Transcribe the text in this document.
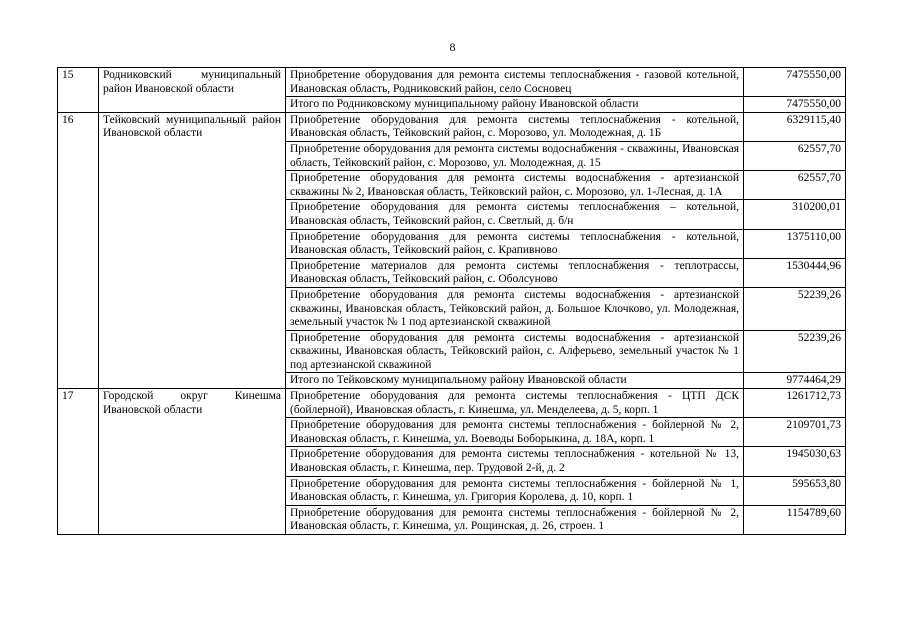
8
15	Родниковский муниципальный район Ивановской области	Приобретение оборудования для ремонта системы теплоснабжения - газовой котельной, Ивановская область, Родниковский район, село Сосновец	7475550,00
		Итого по Родниковскому муниципальному району Ивановской области	7475550,00
16	Тейковский муниципальный район Ивановской области	Приобретение оборудования для ремонта системы теплоснабжения - котельной, Ивановская область, Тейковский район, с. Морозово, ул. Молодежная, д. 1Б	6329115,40
		Приобретение оборудования для ремонта системы водоснабжения - скважины, Ивановская область, Тейковский район, с. Морозово, ул. Молодежная, д. 15	62557,70
		Приобретение оборудования для ремонта системы водоснабжения - артезианской скважины № 2, Ивановская область, Тейковский район, с. Морозово, ул. 1-Лесная, д. 1А	62557,70
		Приобретение оборудования для ремонта системы теплоснабжения – котельной, Ивановская область, Тейковский район, с. Светлый, д. б/н	310200,01
		Приобретение оборудования для ремонта системы теплоснабжения - котельной, Ивановская область, Тейковский район, с. Крапивново	1375110,00
		Приобретение материалов для ремонта системы теплоснабжения - теплотрассы, Ивановская область, Тейковский район, с. Оболсуново	1530444,96
		Приобретение оборудования для ремонта системы водоснабжения - артезианской скважины, Ивановская область, Тейковский район, д. Большое Клочково, ул. Молодежная, земельный участок № 1 под артезианской скважиной	52239,26
		Приобретение оборудования для ремонта системы водоснабжения - артезианской скважины, Ивановская область, Тейковский район, с. Алферьево, земельный участок № 1 под артезианской скважиной	52239,26
		Итого по Тейковскому муниципальному району Ивановской области	9774464,29
17	Городской округ Кинешма Ивановской области	Приобретение оборудования для ремонта системы теплоснабжения - ЦТП ДСК (бойлерной), Ивановская область, г. Кинешма, ул. Менделеева, д. 5, корп. 1	1261712,73
		Приобретение оборудования для ремонта системы теплоснабжения - бойлерной № 2, Ивановская область, г. Кинешма, ул. Воеводы Боборыкина, д. 18А, корп. 1	2109701,73
		Приобретение оборудования для ремонта системы теплоснабжения - котельной № 13, Ивановская область, г. Кинешма, пер. Трудовой 2-й, д. 2	1945030,63
		Приобретение оборудования для ремонта системы теплоснабжения - бойлерной № 1, Ивановская область, г. Кинешма, ул. Григория Королева, д. 10, корп. 1	595653,80
		Приобретение оборудования для ремонта системы теплоснабжения - бойлерной № 2, Ивановская область, г. Кинешма, ул. Рощинская, д. 26, строен. 1	1154789,60
